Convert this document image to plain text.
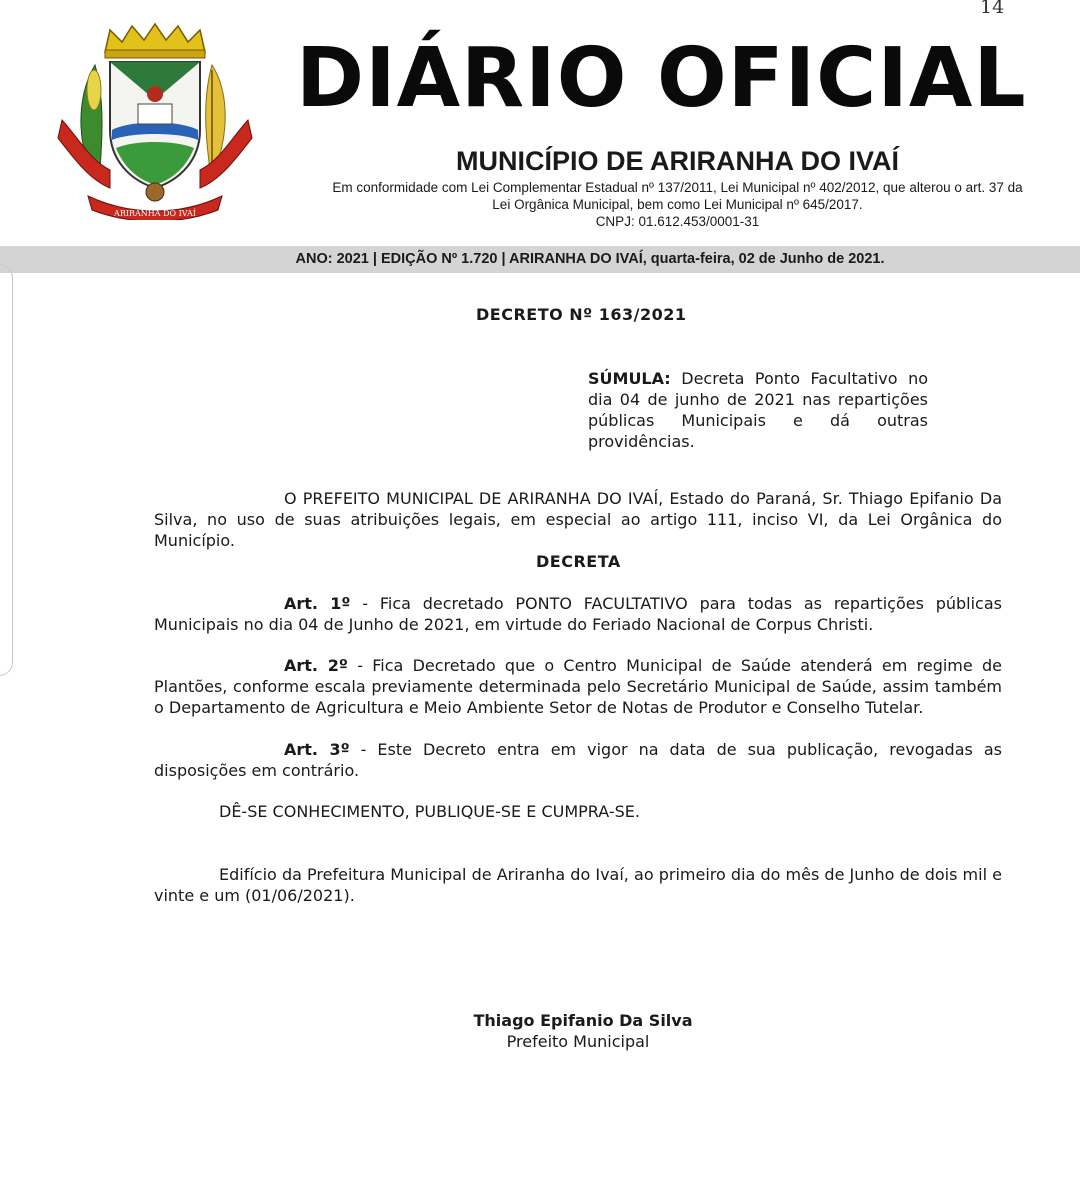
14
ARIRANHA DO IVAÍ
DIÁRIO OFICIAL
MUNICÍPIO DE ARIRANHA DO IVAÍ
Em conformidade com Lei Complementar Estadual nº 137/2011, Lei Municipal nº 402/2012, que alterou o art. 37 da
Lei Orgânica Municipal, bem como Lei Municipal nº 645/2017.
CNPJ: 01.612.453/0001-31
ANO: 2021 | EDIÇÃO Nº 1.720 | ARIRANHA DO IVAÍ, quarta-feira, 02 de Junho de 2021.
DECRETO Nº 163/2021
SÚMULA: Decreta Ponto Facultativo no dia 04 de junho de 2021 nas repartições públicas Municipais e dá outras providências.
O PREFEITO MUNICIPAL DE ARIRANHA DO IVAÍ, Estado do Paraná, Sr. Thiago Epifanio Da Silva, no uso de suas atribuições legais, em especial ao artigo 111, inciso VI, da Lei Orgânica do Município.
DECRETA
Art. 1º - Fica decretado PONTO FACULTATIVO para todas as repartições públicas Municipais no dia 04 de Junho de 2021, em virtude do Feriado Nacional de Corpus Christi.
Art. 2º - Fica Decretado que o Centro Municipal de Saúde atenderá em regime de Plantões, conforme escala previamente determinada pelo Secretário Municipal de Saúde, assim também o Departamento de Agricultura e Meio Ambiente Setor de Notas de Produtor e Conselho Tutelar.
Art. 3º - Este Decreto entra em vigor na data de sua publicação, revogadas as disposições em contrário.
DÊ-SE CONHECIMENTO, PUBLIQUE-SE E CUMPRA-SE.
Edifício da Prefeitura Municipal de Ariranha do Ivaí, ao primeiro dia do mês de Junho de dois mil e vinte e um (01/06/2021).
Thiago Epifanio Da Silva
Prefeito Municipal
